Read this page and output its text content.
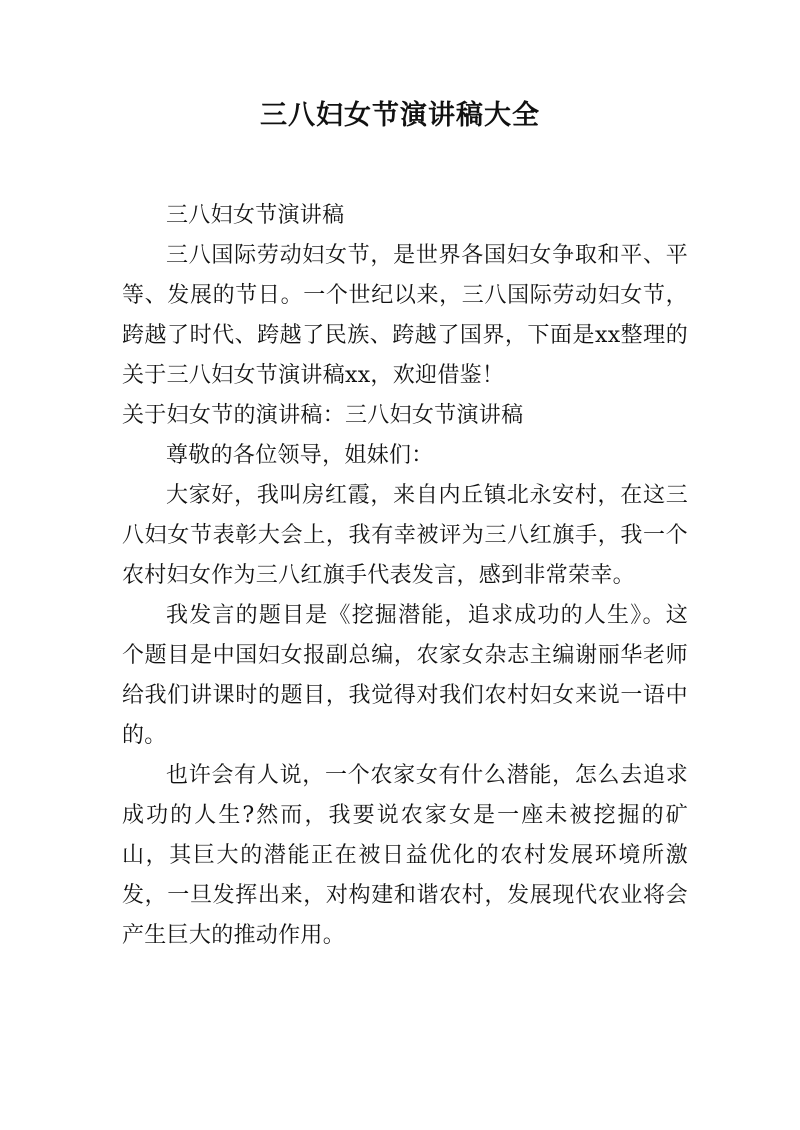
三八妇女节演讲稿大全

三八妇女节演讲稿

三八国际劳动妇女节，是世界各国妇女争取和平、平等、发展的节日。一个世纪以来，三八国际劳动妇女节，跨越了时代、跨越了民族、跨越了国界，下面是xx整理的关于三八妇女节演讲稿xx，欢迎借鉴！

关于妇女节的演讲稿：三八妇女节演讲稿

尊敬的各位领导，姐妹们：

大家好，我叫房红霞，来自内丘镇北永安村，在这三八妇女节表彰大会上，我有幸被评为三八红旗手，我一个农村妇女作为三八红旗手代表发言，感到非常荣幸。

我发言的题目是《挖掘潜能，追求成功的人生》。这个题目是中国妇女报副总编，农家女杂志主编谢丽华老师给我们讲课时的题目，我觉得对我们农村妇女来说一语中的。

也许会有人说，一个农家女有什么潜能，怎么去追求成功的人生?然而，我要说农家女是一座未被挖掘的矿山，其巨大的潜能正在被日益优化的农村发展环境所激发，一旦发挥出来，对构建和谐农村，发展现代农业将会产生巨大的推动作用。
